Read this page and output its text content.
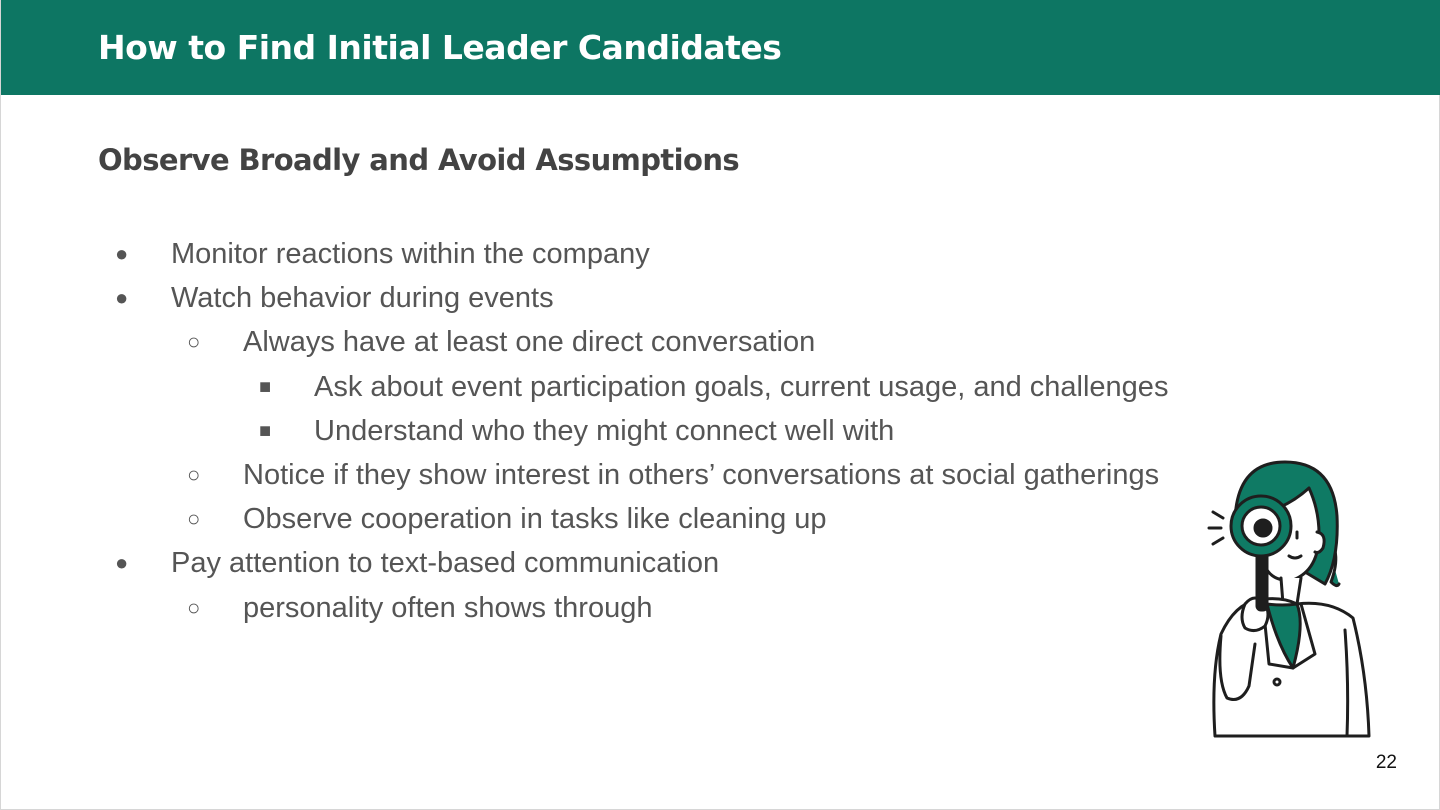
How to Find Initial Leader Candidates
Observe Broadly and Avoid Assumptions
● Monitor reactions within the company
● Watch behavior during events
○ Always have at least one direct conversation
■ Ask about event participation goals, current usage, and challenges
■ Understand who they might connect well with
○ Notice if they show interest in others’ conversations at social gatherings
○ Observe cooperation in tasks like cleaning up
● Pay attention to text-based communication
○ personality often shows through
22
